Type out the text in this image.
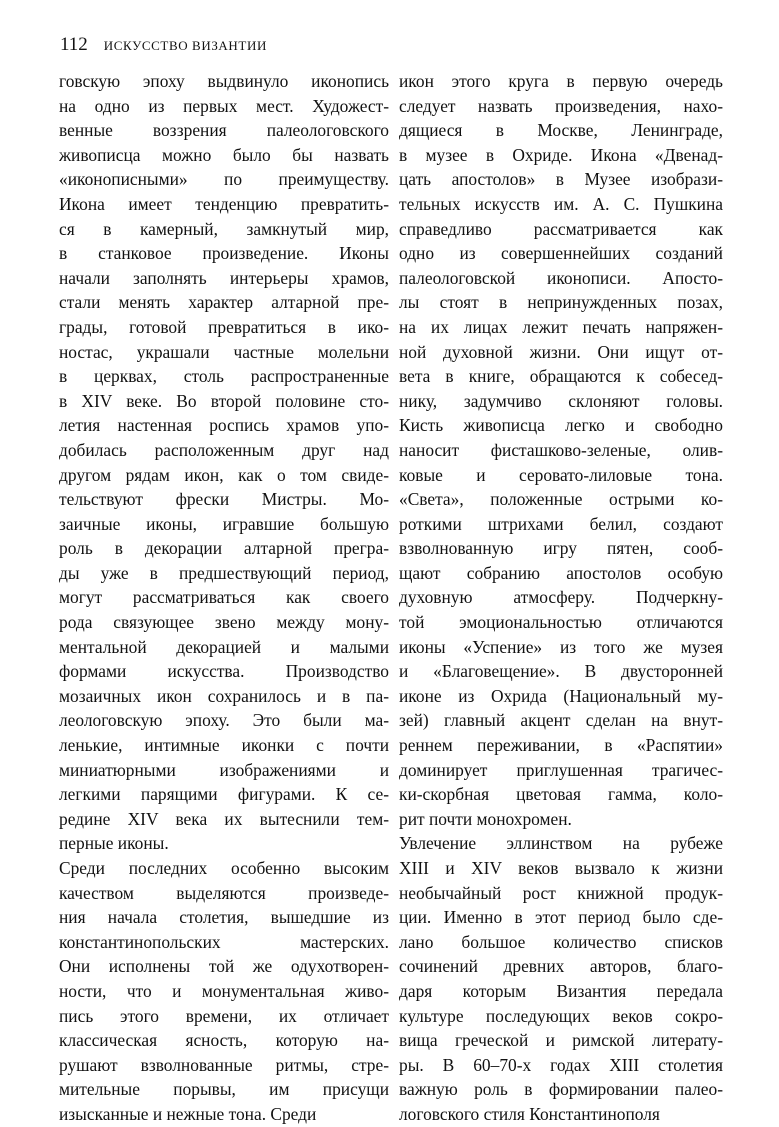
112 ИСКУССТВО ВИЗАНТИИ
говскую эпоху выдвинуло иконопись
на одно из первых мест. Художест-
венные воззрения палеологовского
живописца можно было бы назвать
«иконописными» по преимуществу.
Икона имеет тенденцию превратить-
ся в камерный, замкнутый мир,
в станковое произведение. Иконы
начали заполнять интерьеры храмов,
стали менять характер алтарной пре-
грады, готовой превратиться в ико-
ностас, украшали частные молельни
в церквах, столь распространенные
в XIV веке. Во второй половине сто-
летия настенная роспись храмов упо-
добилась расположенным друг над
другом рядам икон, как о том свиде-
тельствуют фрески Мистры. Мо-
заичные иконы, игравшие большую
роль в декорации алтарной прегра-
ды уже в предшествующий период,
могут рассматриваться как своего
рода связующее звено между мону-
ментальной декорацией и малыми
формами искусства. Производство
мозаичных икон сохранилось и в па-
леологовскую эпоху. Это были ма-
ленькие, интимные иконки с почти
миниатюрными изображениями и
легкими парящими фигурами. К се-
редине XIV века их вытеснили тем-
перные иконы.
Среди последних особенно высоким
качеством выделяются произведе-
ния начала столетия, вышедшие из
константинопольских мастерских.
Они исполнены той же одухотворен-
ности, что и монументальная живо-
пись этого времени, их отличает
классическая ясность, которую на-
рушают взволнованные ритмы, стре-
мительные порывы, им присущи
изысканные и нежные тона. Среди
икон этого круга в первую очередь
следует назвать произведения, нахо-
дящиеся в Москве, Ленинграде,
в музее в Охриде. Икона «Двенад-
цать апостолов» в Музее изобрази-
тельных искусств им. А. С. Пушкина
справедливо рассматривается как
одно из совершеннейших созданий
палеологовской иконописи. Апосто-
лы стоят в непринужденных позах,
на их лицах лежит печать напряжен-
ной духовной жизни. Они ищут от-
вета в книге, обращаются к собесед-
нику, задумчиво склоняют головы.
Кисть живописца легко и свободно
наносит фисташково-зеленые, олив-
ковые и серовато-лиловые тона.
«Света», положенные острыми ко-
роткими штрихами белил, создают
взволнованную игру пятен, сооб-
щают собранию апостолов особую
духовную атмосферу. Подчеркну-
той эмоциональностью отличаются
иконы «Успение» из того же музея
и «Благовещение». В двусторонней
иконе из Охрида (Национальный му-
зей) главный акцент сделан на внут-
реннем переживании, в «Распятии»
доминирует приглушенная трагичес-
ки-скорбная цветовая гамма, коло-
рит почти монохромен.
Увлечение эллинством на рубеже
XIII и XIV веков вызвало к жизни
необычайный рост книжной продук-
ции. Именно в этот период было сде-
лано большое количество списков
сочинений древних авторов, благо-
даря которым Византия передала
культуре последующих веков сокро-
вища греческой и римской литерату-
ры. В 60–70-х годах XIII столетия
важную роль в формировании палео-
логовского стиля Константинополя
